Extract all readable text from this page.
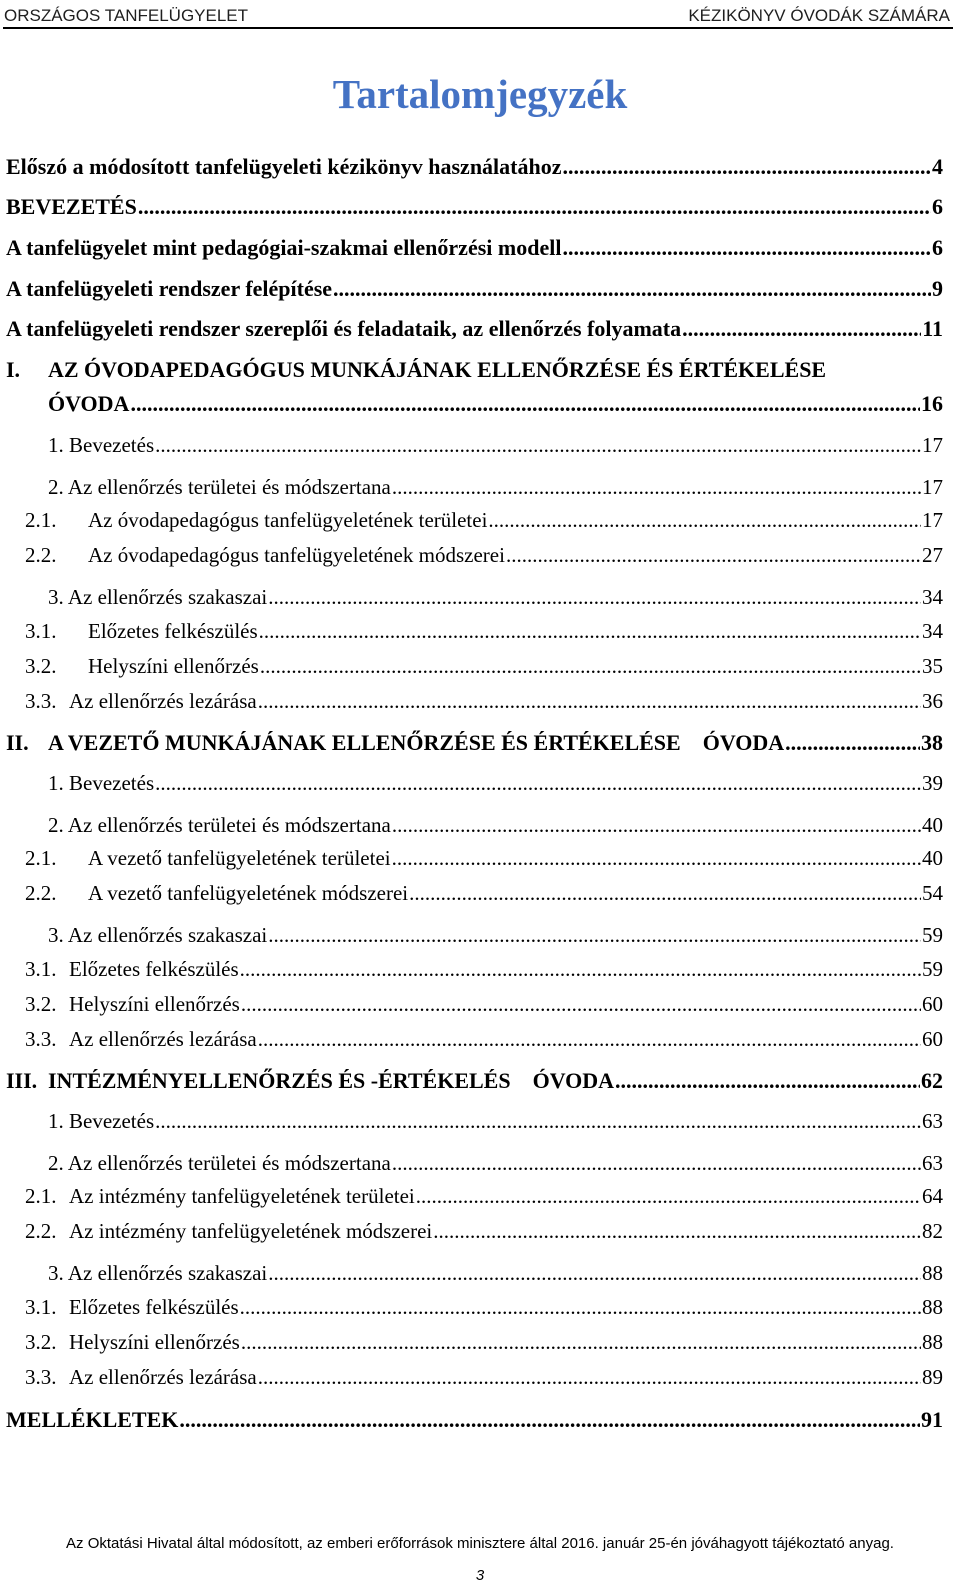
ORSZÁGOS TANFELÜGYELET	KÉZIKÖNYV ÓVODÁK SZÁMÁRA
Tartalomjegyzék
Előszó a módosított tanfelügyeleti kézikönyv használatához .....	4
BEVEZETÉS .....	6
A tanfelügyelet mint pedagógiai-szakmai ellenőrzési modell .....	6
A tanfelügyeleti rendszer felépítése .....	9
A tanfelügyeleti rendszer szereplői és feladataik, az ellenőrzés folyamata .....	11
I. AZ ÓVODAPEDAGÓGUS MUNKÁJÁNAK ELLENŐRZÉSE ÉS ÉRTÉKELÉSE
ÓVODA .....	16
1. Bevezetés .....	17
2. Az ellenőrzés területei és módszertana .....	17
2.1. Az óvodapedagógus tanfelügyeletének területei .....	17
2.2. Az óvodapedagógus tanfelügyeletének módszerei .....	27
3. Az ellenőrzés szakaszai .....	34
3.1. Előzetes felkészülés .....	34
3.2. Helyszíni ellenőrzés .....	35
3.3. Az ellenőrzés lezárása .....	36
II. A VEZETŐ MUNKÁJÁNAK ELLENŐRZÉSE ÉS ÉRTÉKELÉSE    ÓVODA .....	38
1. Bevezetés .....	39
2. Az ellenőrzés területei és módszertana .....	40
2.1. A vezető tanfelügyeletének területei .....	40
2.2. A vezető tanfelügyeletének módszerei .....	54
3. Az ellenőrzés szakaszai .....	59
3.1. Előzetes felkészülés .....	59
3.2. Helyszíni ellenőrzés .....	60
3.3. Az ellenőrzés lezárása .....	60
III. INTÉZMÉNYELLENŐRZÉS ÉS -ÉRTÉKELÉS    ÓVODA .....	62
1. Bevezetés .....	63
2. Az ellenőrzés területei és módszertana .....	63
2.1. Az intézmény tanfelügyeletének területei .....	64
2.2. Az intézmény tanfelügyeletének módszerei .....	82
3. Az ellenőrzés szakaszai .....	88
3.1. Előzetes felkészülés .....	88
3.2. Helyszíni ellenőrzés .....	88
3.3. Az ellenőrzés lezárása .....	89
MELLÉKLETEK .....	91
Az Oktatási Hivatal által módosított, az emberi erőforrások minisztere által 2016. január 25-én jóváhagyott tájékoztató anyag.
3
